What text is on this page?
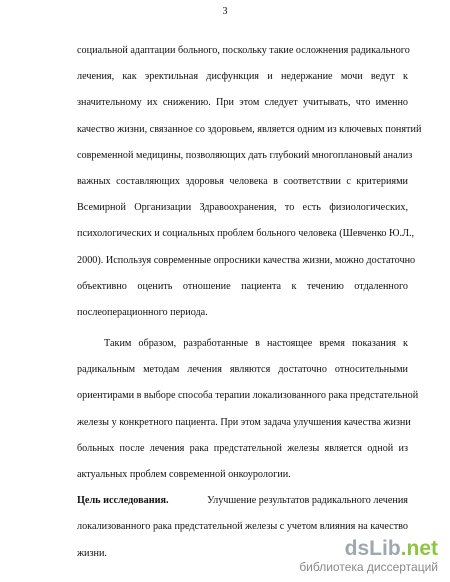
3
социальной адаптации больного, поскольку такие осложнения радикального
лечения, как эректильная дисфункция и недержание мочи ведут к
значительному их снижению. При этом следует учитывать, что именно
качество жизни, связанное со здоровьем, является одним из ключевых понятий
современной медицины, позволяющих дать глубокий многоплановый анализ
важных составляющих здоровья человека в соответствии с критериями
Всемирной Организации Здравоохранения, то есть физиологических,
психологических и социальных проблем больного человека (Шевченко Ю.Л.,
2000). Используя современные опросники качества жизни, можно достаточно
объективно оценить отношение пациента к течению отдаленного
послеоперационного периода.
Таким образом, разработанные в настоящее время показания к
радикальным методам лечения являются достаточно относительными
ориентирами в выборе способа терапии локализованного рака предстательной
железы у конкретного пациента. При этом задача улучшения качества жизни
больных после лечения рака предстательной железы является одной из
актуальных проблем современной онкоурологии.
Цель исследования.	Улучшение результатов радикального лечения
локализованного рака предстательной железы с учетом влияния на качество
жизни.	dsLib.net
библиотека диссертаций
